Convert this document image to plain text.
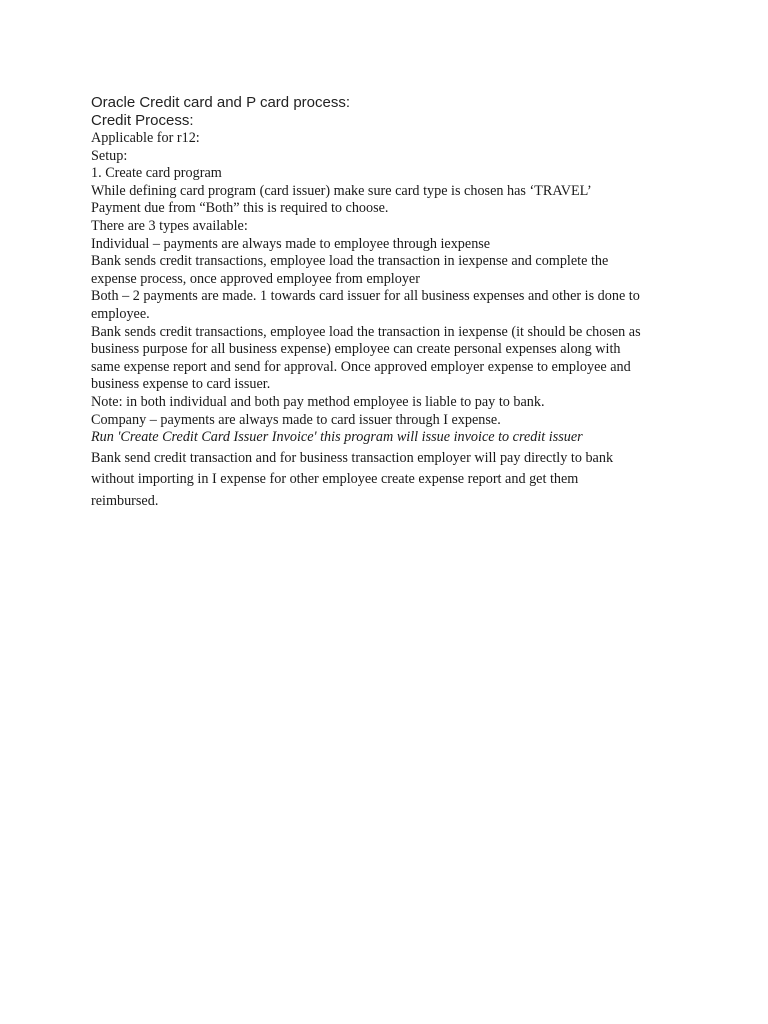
Oracle Credit card and P card process:
Credit Process:
Applicable for r12:
Setup:
1. Create card program
While defining card program (card issuer) make sure card type is chosen has ‘TRAVEL’
Payment due from “Both” this is required to choose.
There are 3 types available:
Individual – payments are always made to employee through iexpense
Bank sends credit transactions, employee load the transaction in iexpense and complete the
expense process, once approved employee from employer
Both – 2 payments are made. 1 towards card issuer for all business expenses and other is done to
employee.
Bank sends credit transactions, employee load the transaction in iexpense (it should be chosen as
business purpose for all business expense) employee can create personal expenses along with
same expense report and send for approval. Once approved employer expense to employee and
business expense to card issuer.
Note: in both individual and both pay method employee is liable to pay to bank.
Company – payments are always made to card issuer through I expense.
Run 'Create Credit Card Issuer Invoice' this program will issue invoice to credit issuer
Bank send credit transaction and for business transaction employer will pay directly to bank
without importing in I expense for other employee create expense report and get them
reimbursed.
